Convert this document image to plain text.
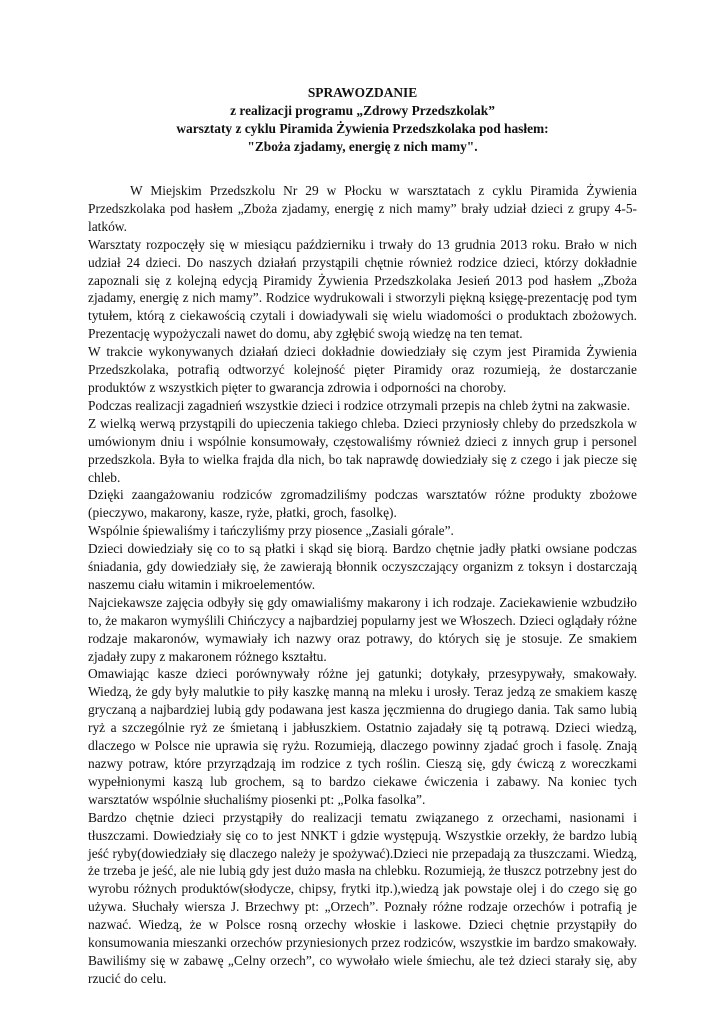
SPRAWOZDANIE
z realizacji programu „Zdrowy Przedszkolak”
warsztaty z cyklu Piramida Żywienia Przedszkolaka pod hasłem:
"Zboża zjadamy, energię z nich mamy".

W Miejskim Przedszkolu Nr 29 w Płocku w warsztatach z cyklu Piramida Żywienia Przedszkolaka pod hasłem „Zboża zjadamy, energię z nich mamy” brały udział dzieci z grupy 4-5-latków.

Warsztaty rozpoczęły się w miesiącu październiku i trwały do 13 grudnia 2013 roku. Brało w nich udział 24 dzieci. Do naszych działań przystąpili chętnie również rodzice dzieci, którzy dokładnie zapoznali się z kolejną edycją Piramidy Żywienia Przedszkolaka Jesień 2013 pod hasłem „Zboża zjadamy, energię z nich mamy”. Rodzice wydrukowali i stworzyli piękną księgę-prezentację pod tym tytułem, którą z ciekawością czytali i dowiadywali się wielu wiadomości o produktach zbożowych. Prezentację wypożyczali nawet do domu, aby zgłębić swoją wiedzę na ten temat.

W trakcie wykonywanych działań dzieci dokładnie dowiedziały się czym jest Piramida Żywienia Przedszkolaka, potrafią odtworzyć kolejność pięter Piramidy oraz rozumieją, że dostarczanie produktów z wszystkich pięter to gwarancja zdrowia i odporności na choroby.

Podczas realizacji zagadnień wszystkie dzieci i rodzice otrzymali przepis na chleb żytni na zakwasie.

Z wielką werwą przystąpili do upieczenia takiego chleba. Dzieci przyniosły chleby do przedszkola w umówionym dniu i wspólnie konsumowały, częstowaliśmy również dzieci z innych grup i personel przedszkola. Była to wielka frajda dla nich, bo tak naprawdę dowiedziały się z czego i jak piecze się chleb.

Dzięki zaangażowaniu rodziców zgromadziliśmy podczas warsztatów różne produkty zbożowe (pieczywo, makarony, kasze, ryże, płatki, groch, fasolkę).

Wspólnie śpiewaliśmy i tańczyliśmy przy piosence „Zasiali górale”.

Dzieci dowiedziały się co to są płatki i skąd się biorą. Bardzo chętnie jadły płatki owsiane podczas śniadania, gdy dowiedziały się, że zawierają błonnik oczyszczający organizm z toksyn i dostarczają naszemu ciału witamin i mikroelementów.

Najciekawsze zajęcia odbyły się gdy omawialiśmy makarony i ich rodzaje. Zaciekawienie wzbudziło to, że makaron wymyślili Chińczycy a najbardziej popularny jest we Włoszech. Dzieci oglądały różne rodzaje makaronów, wymawiały ich nazwy oraz potrawy, do których się je stosuje. Ze smakiem zjadały zupy z makaronem różnego kształtu.

Omawiając kasze dzieci porównywały różne jej gatunki; dotykały, przesypywały, smakowały. Wiedzą, że gdy były malutkie to piły kaszkę manną na mleku i urosły. Teraz jedzą ze smakiem kaszę gryczaną a najbardziej lubią gdy podawana jest kasza jęczmienna do drugiego dania. Tak samo lubią ryż a szczególnie ryż ze śmietaną i jabłuszkiem. Ostatnio zajadały się tą potrawą. Dzieci wiedzą, dlaczego w Polsce nie uprawia się ryżu. Rozumieją, dlaczego powinny zjadać groch i fasolę. Znają nazwy potraw, które przyrządzają im rodzice z tych roślin. Cieszą się, gdy ćwiczą z woreczkami wypełnionymi kaszą lub grochem, są to bardzo ciekawe ćwiczenia i zabawy. Na koniec tych warsztatów wspólnie słuchaliśmy piosenki pt: „Polka fasolka”.

Bardzo chętnie dzieci przystąpiły do realizacji tematu związanego z orzechami, nasionami i tłuszczami. Dowiedziały się co to jest NNKT i gdzie występują. Wszystkie orzekły, że bardzo lubią jeść ryby(dowiedziały się dlaczego należy je spożywać).Dzieci nie przepadają za tłuszczami. Wiedzą, że trzeba je jeść, ale nie lubią gdy jest dużo masła na chlebku. Rozumieją, że tłuszcz potrzebny jest do wyrobu różnych produktów(słodycze, chipsy, frytki itp.),wiedzą jak powstaje olej i do czego się go używa. Słuchały wiersza J. Brzechwy pt: „Orzech”. Poznały różne rodzaje orzechów i potrafią je nazwać. Wiedzą, że w Polsce rosną orzechy włoskie i laskowe. Dzieci chętnie przystąpiły do konsumowania mieszanki orzechów przyniesionych przez rodziców, wszystkie im bardzo smakowały. Bawiliśmy się w zabawę „Celny orzech”, co wywołało wiele śmiechu, ale też dzieci starały się, aby rzucić do celu.
